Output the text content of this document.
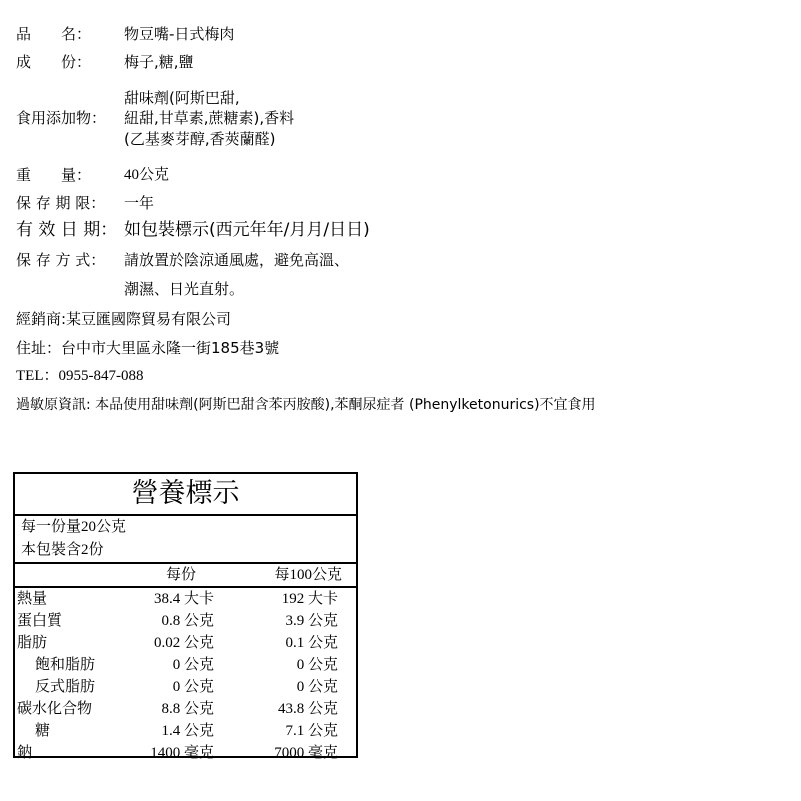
品　　名： 物豆嘴-日式梅肉
成　　份： 梅子,糖,鹽
甜味劑(阿斯巴甜,
食用添加物： 紐甜,甘草素,蔗糖素),香料
(乙基麥芽醇,香莢蘭醛)
重　　量： 40公克
保 存 期 限： 一年
有 效 日 期： 如包裝標示(西元年年/月月/日日)
保 存 方 式： 請放置於陰涼通風處，避免高溫、
潮濕、日光直射。
經銷商:某豆匯國際貿易有限公司
住址：台中市大里區永隆一街185巷3號
TEL：0955-847-088
過敏原資訊: 本品使用甜味劑(阿斯巴甜含苯丙胺酸),苯酮尿症者 (Phenylketonurics)不宜食用
營養標示
每一份量20公克
本包裝含2份
每份	每100公克
熱量	38.4 大卡	192 大卡
蛋白質	0.8 公克	3.9 公克
脂肪	0.02 公克	0.1 公克
飽和脂肪	0 公克	0 公克
反式脂肪	0 公克	0 公克
碳水化合物	8.8 公克	43.8 公克
糖	1.4 公克	7.1 公克
鈉	1400 毫克	7000 毫克
